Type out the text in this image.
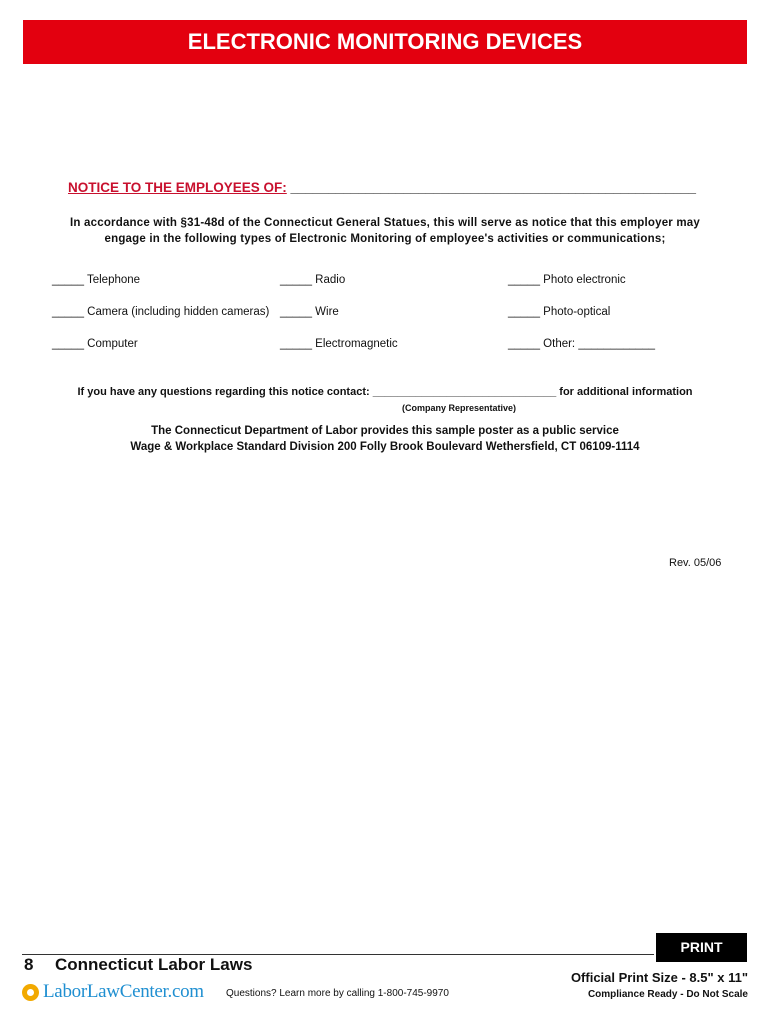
ELECTRONIC MONITORING DEVICES
NOTICE TO THE EMPLOYEES OF: ______________________________________________________
In accordance with §31-48d of the Connecticut General Statues, this will serve as notice that this employer may
engage in the following types of Electronic Monitoring of employee's activities or communications;
_____ Telephone	_____ Radio	_____ Photo electronic
_____ Camera (including hidden cameras) _____ Wire	_____ Photo-optical
_____ Computer	_____ Electromagnetic	_____ Other: ____________
If you have any questions regarding this notice contact: ______________________________ for additional information
(Company Representative)
The Connecticut Department of Labor provides this sample poster as a public service
Wage & Workplace Standard Division 200 Folly Brook Boulevard Wethersfield, CT 06109-1114
Rev. 05/06
PRINT
8 Connecticut Labor Laws
LaborLawCenter.com Questions? Learn more by calling 1-800-745-9970
Official Print Size - 8.5" x 11"
Compliance Ready - Do Not Scale
